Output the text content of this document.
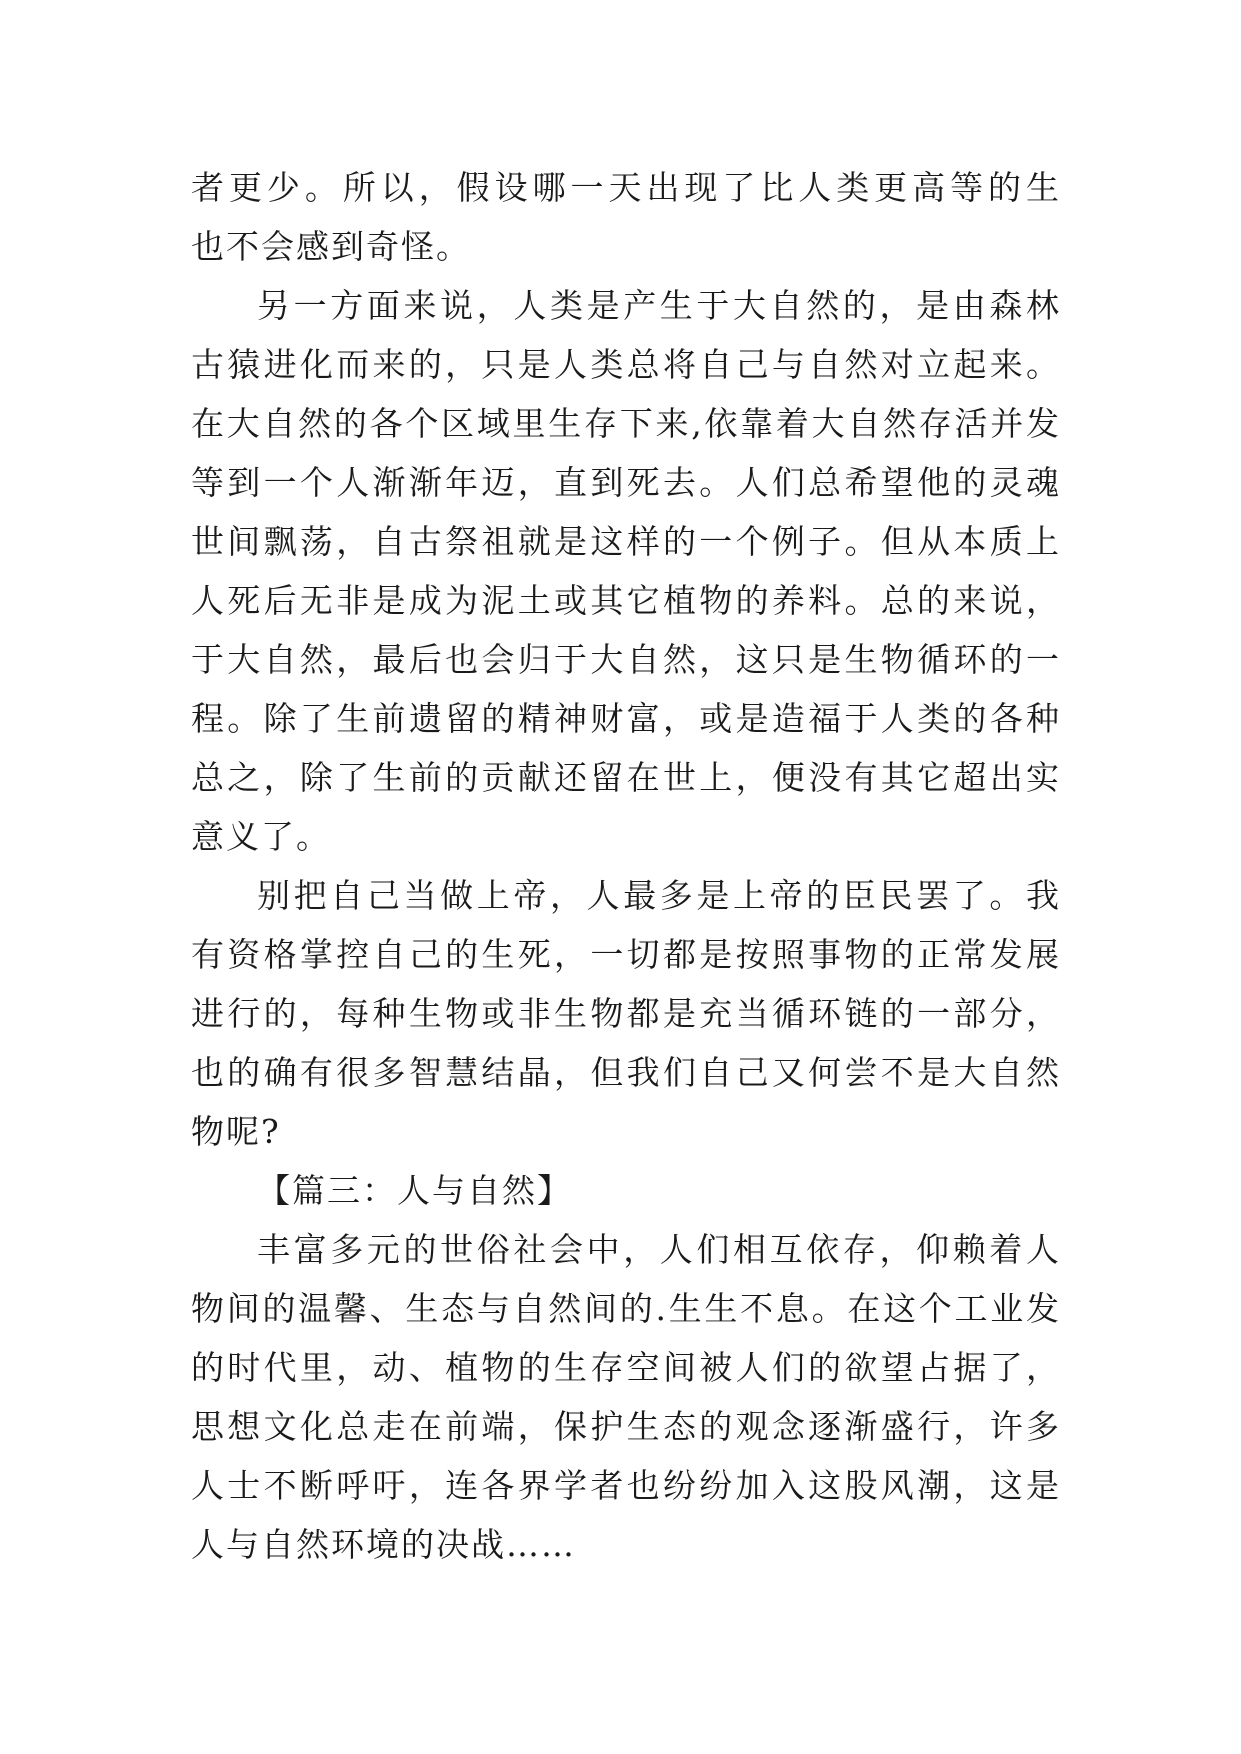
者更少。所以，假设哪一天出现了比人类更高等的生
也不会感到奇怪。
另一方面来说，人类是产生于大自然的，是由森林
古猿进化而来的，只是人类总将自己与自然对立起来。
在大自然的各个区域里生存下来,依靠着大自然存活并发
等到一个人渐渐年迈，直到死去。人们总希望他的灵魂
世间飘荡，自古祭祖就是这样的一个例子。但从本质上
人死后无非是成为泥土或其它植物的养料。总的来说，
于大自然，最后也会归于大自然，这只是生物循环的一
程。除了生前遗留的精神财富，或是造福于人类的各种
总之，除了生前的贡献还留在世上，便没有其它超出实
意义了。
别把自己当做上帝，人最多是上帝的臣民罢了。我
有资格掌控自己的生死，一切都是按照事物的正常发展
进行的，每种生物或非生物都是充当循环链的一部分，
也的确有很多智慧结晶，但我们自己又何尝不是大自然
物呢?
【篇三：人与自然】
丰富多元的世俗社会中，人们相互依存，仰赖着人
物间的温馨、生态与自然间的.生生不息。在这个工业发
的时代里，动、植物的生存空间被人们的欲望占据了，
思想文化总走在前端，保护生态的观念逐渐盛行，许多
人士不断呼吁，连各界学者也纷纷加入这股风潮，这是
人与自然环境的决战……
